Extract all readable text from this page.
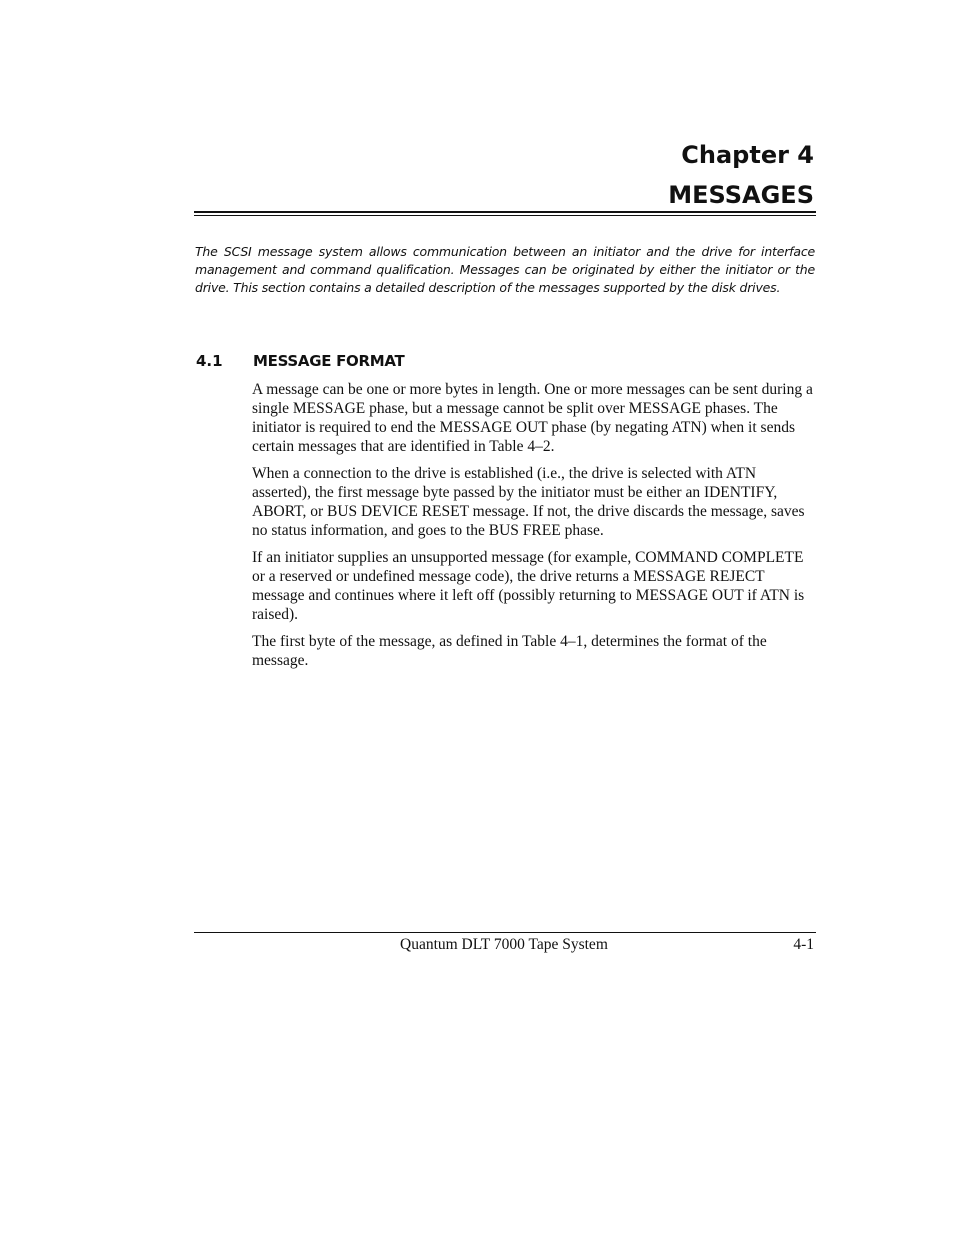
Chapter 4
MESSAGES

The SCSI message system allows communication between an initiator and the drive for interface management and command qualification. Messages can be originated by either the initiator or the drive. This section contains a detailed description of the messages supported by the disk drives.

4.1 MESSAGE FORMAT

A message can be one or more bytes in length. One or more messages can be sent during a single MESSAGE phase, but a message cannot be split over MESSAGE phases. The initiator is required to end the MESSAGE OUT phase (by negating ATN) when it sends certain messages that are identified in Table 4–2.

When a connection to the drive is established (i.e., the drive is selected with ATN asserted), the first message byte passed by the initiator must be either an IDENTIFY, ABORT, or BUS DEVICE RESET message. If not, the drive discards the message, saves no status information, and goes to the BUS FREE phase.

If an initiator supplies an unsupported message (for example, COMMAND COMPLETE or a reserved or undefined message code), the drive returns a MESSAGE REJECT message and continues where it left off (possibly returning to MESSAGE OUT if ATN is raised).

The first byte of the message, as defined in Table 4–1, determines the format of the message.

Quantum DLT 7000 Tape System	4-1
